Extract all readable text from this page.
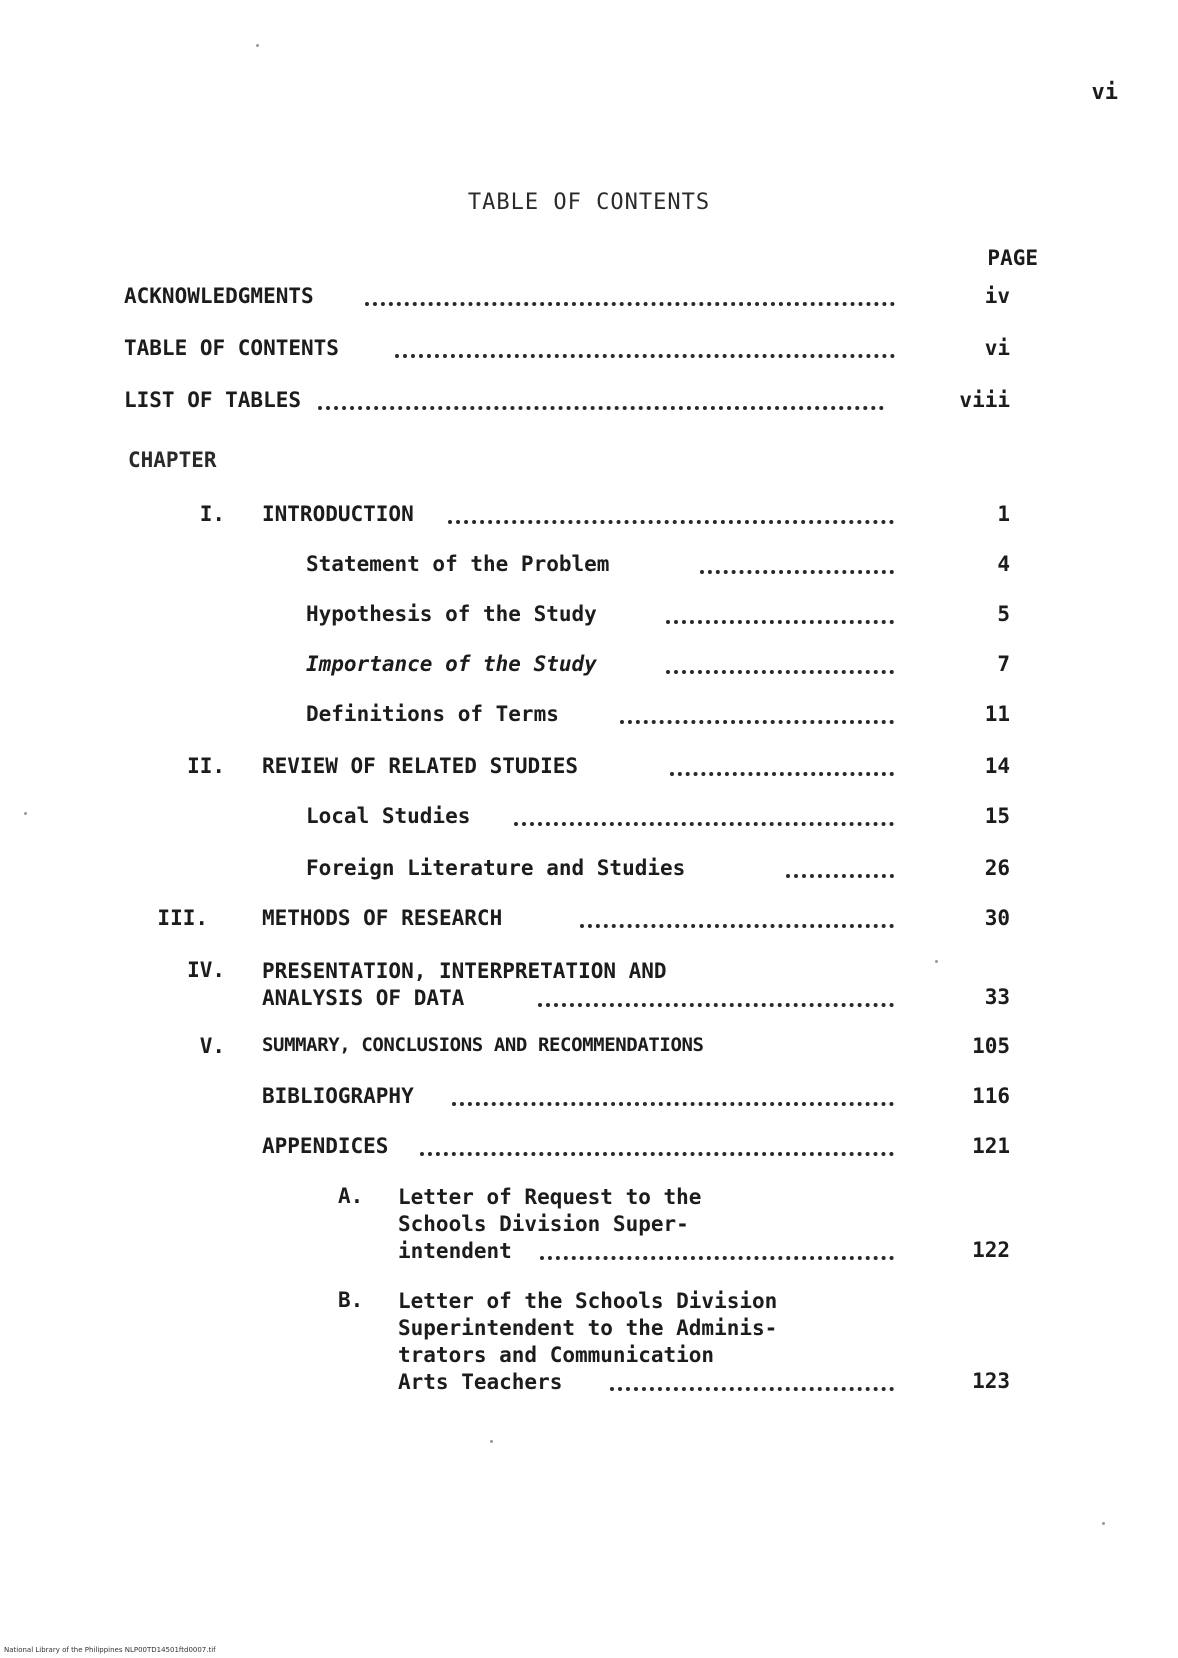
vi
TABLE OF CONTENTS
PAGE
ACKNOWLEDGMENTS	iv
TABLE OF CONTENTS	vi
LIST OF TABLES	viii
CHAPTER
I. INTRODUCTION	1
Statement of the Problem	4
Hypothesis of the Study	5
Importance of the Study	7
Definitions of Terms	11
II. REVIEW OF RELATED STUDIES	14
Local Studies	15
Foreign Literature and Studies	26
III.	METHODS OF RESEARCH	30
IV. PRESENTATION, INTERPRETATION AND
ANALYSIS OF DATA	33
V. SUMMARY, CONCLUSIONS AND RECOMMENDATIONS	105
BIBLIOGRAPHY	116
APPENDICES	121
A. Letter of Request to the
Schools Division Super-
intendent	122
B. Letter of the Schools Division
Superintendent to the Adminis-
trators and Communication
Arts Teachers	123
National Library of the Philippines NLP00TD14501ftd0007.tif
